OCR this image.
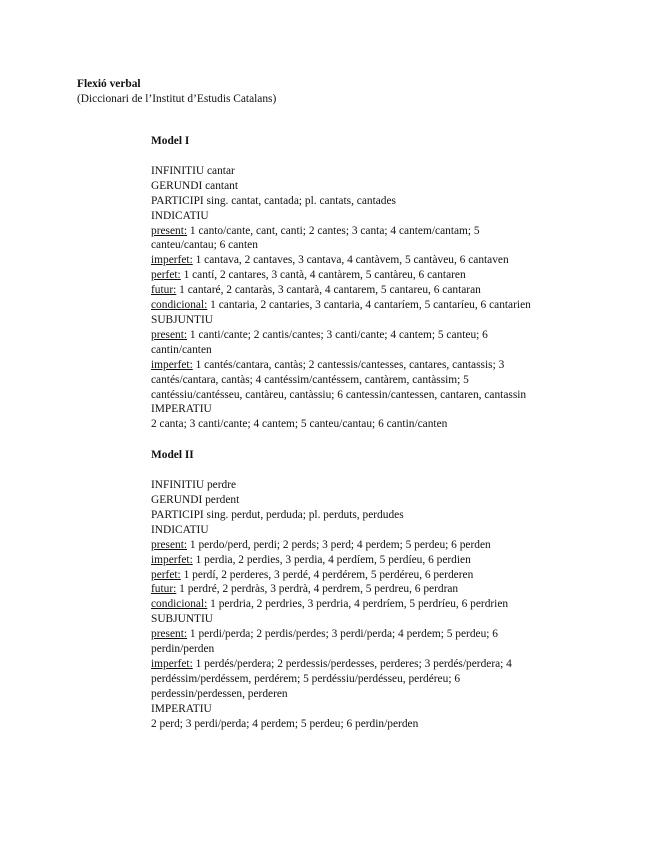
Flexió verbal
(Diccionari de l’Institut d’Estudis Catalans)

Model I

INFINITIU cantar

GERUNDI cantant

PARTICIPI sing. cantat, cantada; pl. cantats, cantades

INDICATIU

present: 1 canto/cante, cant, canti; 2 cantes; 3 canta; 4 cantem/cantam; 5

canteu/cantau; 6 canten

imperfet: 1 cantava, 2 cantaves, 3 cantava, 4 cantàvem, 5 cantàveu, 6 cantaven

perfet: 1 cantí, 2 cantares, 3 cantà, 4 cantàrem, 5 cantàreu, 6 cantaren

futur: 1 cantaré, 2 cantaràs, 3 cantarà, 4 cantarem, 5 cantareu, 6 cantaran

condicional: 1 cantaria, 2 cantaries, 3 cantaria, 4 cantaríem, 5 cantaríeu, 6 cantarien

SUBJUNTIU

present: 1 canti/cante; 2 cantis/cantes; 3 canti/cante; 4 cantem; 5 canteu; 6

cantin/canten

imperfet: 1 cantés/cantara, cantàs; 2 cantessis/cantesses, cantares, cantassis; 3

cantés/cantara, cantàs; 4 cantéssim/cantéssem, cantàrem, cantàssim; 5

cantéssiu/cantésseu, cantàreu, cantàssiu; 6 cantessin/cantessen, cantaren, cantassin

IMPERATIU

2 canta; 3 canti/cante; 4 cantem; 5 canteu/cantau; 6 cantin/canten

Model II

INFINITIU perdre

GERUNDI perdent

PARTICIPI sing. perdut, perduda; pl. perduts, perdudes

INDICATIU

present: 1 perdo/perd, perdi; 2 perds; 3 perd; 4 perdem; 5 perdeu; 6 perden

imperfet: 1 perdia, 2 perdies, 3 perdia, 4 perdíem, 5 perdíeu, 6 perdien

perfet: 1 perdí, 2 perderes, 3 perdé, 4 perdérem, 5 perdéreu, 6 perderen

futur: 1 perdré, 2 perdràs, 3 perdrà, 4 perdrem, 5 perdreu, 6 perdran

condicional: 1 perdria, 2 perdries, 3 perdria, 4 perdríem, 5 perdríeu, 6 perdrien

SUBJUNTIU

present: 1 perdi/perda; 2 perdis/perdes; 3 perdi/perda; 4 perdem; 5 perdeu; 6

perdin/perden

imperfet: 1 perdés/perdera; 2 perdessis/perdesses, perderes; 3 perdés/perdera; 4

perdéssim/perdéssem, perdérem; 5 perdéssiu/perdésseu, perdéreu; 6

perdessin/perdessen, perderen

IMPERATIU

2 perd; 3 perdi/perda; 4 perdem; 5 perdeu; 6 perdin/perden
